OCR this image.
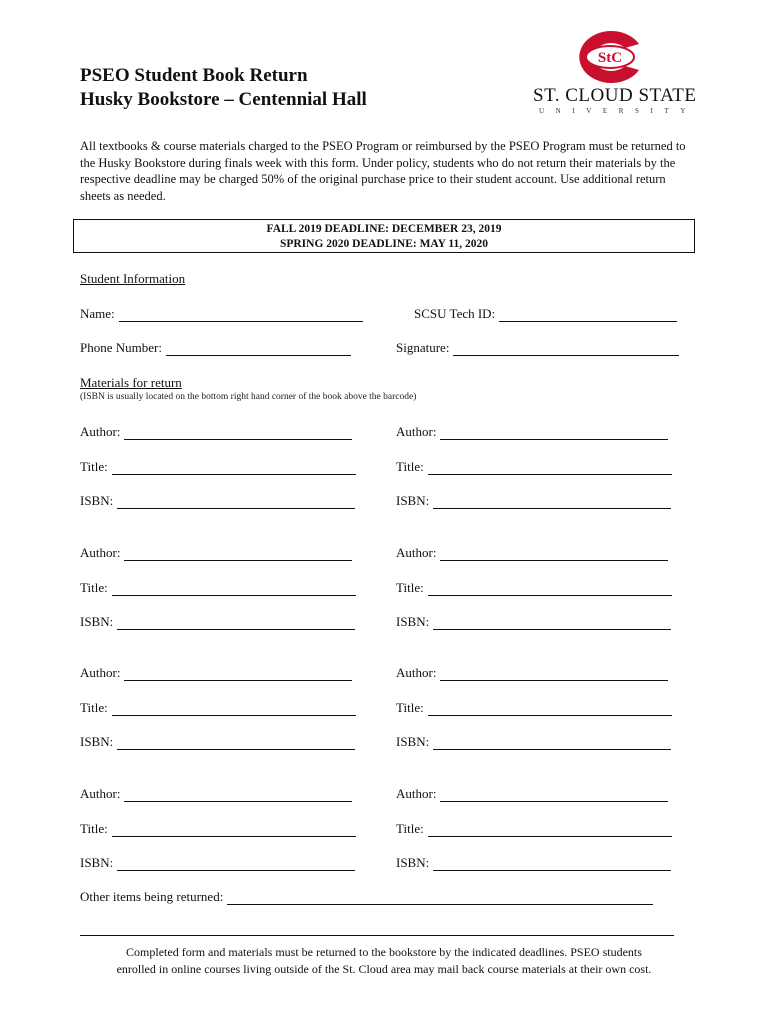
PSEO Student Book Return
Husky Bookstore – Centennial Hall
StC
ST. CLOUD STATE
UNIVERSITY
All textbooks & course materials charged to the PSEO Program or reimbursed by the PSEO Program must be returned to the Husky Bookstore during finals week with this form. Under policy, students who do not return their materials by the respective deadline may be charged 50% of the original purchase price to their student account. Use additional return sheets as needed.
FALL 2019 DEADLINE: DECEMBER 23, 2019
SPRING 2020 DEADLINE: MAY 11, 2020
Student Information
Name:	SCSU Tech ID:
Phone Number:	Signature:
Materials for return
(ISBN is usually located on the bottom right hand corner of the book above the barcode)
Author:
Title:
ISBN:
Author:
Title:
ISBN:
Author:
Title:
ISBN:
Author:
Title:
ISBN:
Author:
Title:
ISBN:
Author:
Title:
ISBN:
Author:
Title:
ISBN:
Author:
Title:
ISBN:
Other items being returned:
Completed form and materials must be returned to the bookstore by the indicated deadlines. PSEO students
enrolled in online courses living outside of the St. Cloud area may mail back course materials at their own cost.
